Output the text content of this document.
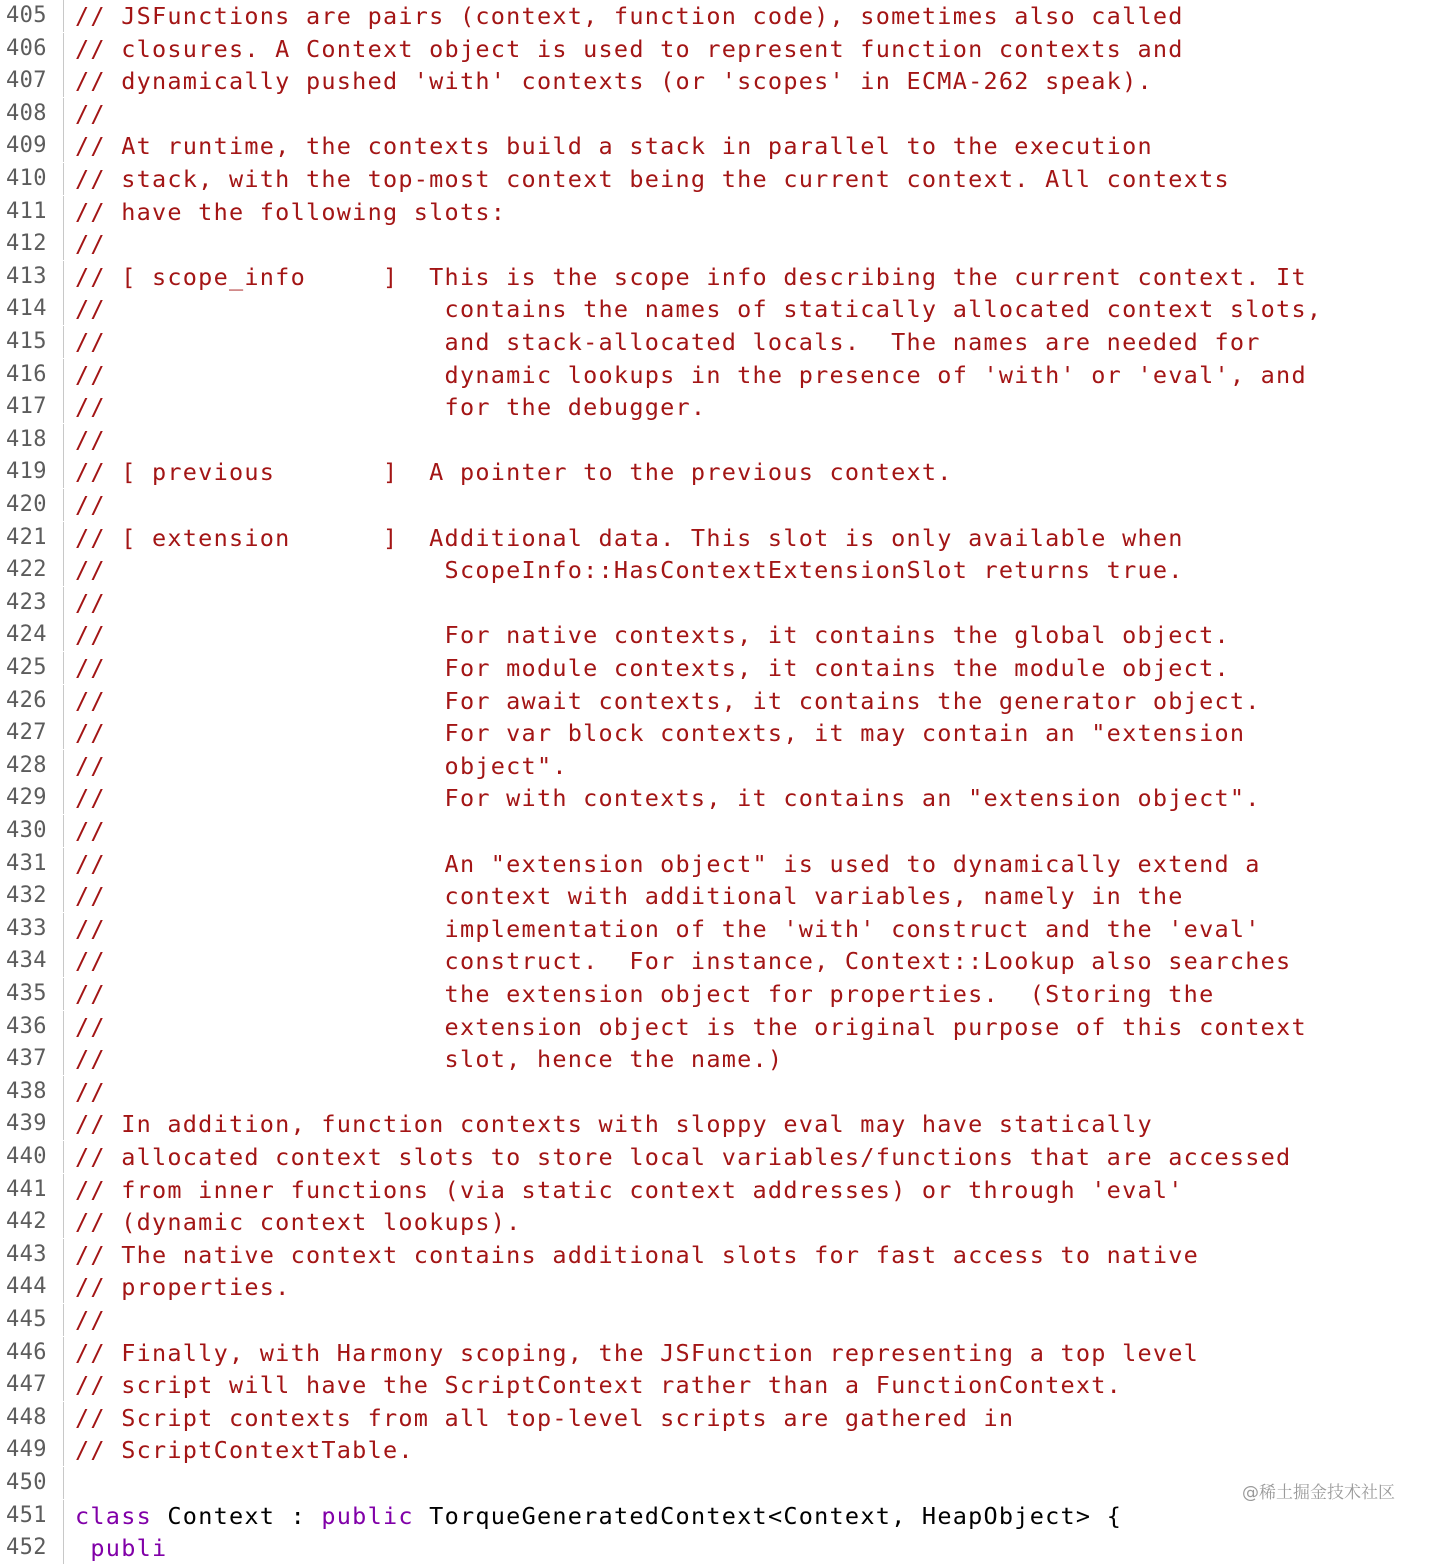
405	// JSFunctions are pairs (context, function code), sometimes also called
406	// closures. A Context object is used to represent function contexts and
407	// dynamically pushed 'with' contexts (or 'scopes' in ECMA-262 speak).
408	//
409	// At runtime, the contexts build a stack in parallel to the execution
410	// stack, with the top-most context being the current context. All contexts
411	// have the following slots:
412	//
413	// [ scope_info     ]  This is the scope info describing the current context. It
414	//                      contains the names of statically allocated context slots,
415	//                      and stack-allocated locals.  The names are needed for
416	//                      dynamic lookups in the presence of 'with' or 'eval', and
417	//                      for the debugger.
418	//
419	// [ previous       ]  A pointer to the previous context.
420	//
421	// [ extension      ]  Additional data. This slot is only available when
422	//                      ScopeInfo::HasContextExtensionSlot returns true.
423	//
424	//                      For native contexts, it contains the global object.
425	//                      For module contexts, it contains the module object.
426	//                      For await contexts, it contains the generator object.
427	//                      For var block contexts, it may contain an "extension
428	//                      object".
429	//                      For with contexts, it contains an "extension object".
430	//
431	//                      An "extension object" is used to dynamically extend a
432	//                      context with additional variables, namely in the
433	//                      implementation of the 'with' construct and the 'eval'
434	//                      construct.  For instance, Context::Lookup also searches
435	//                      the extension object for properties.  (Storing the
436	//                      extension object is the original purpose of this context
437	//                      slot, hence the name.)
438	//
439	// In addition, function contexts with sloppy eval may have statically
440	// allocated context slots to store local variables/functions that are accessed
441	// from inner functions (via static context addresses) or through 'eval'
442	// (dynamic context lookups).
443	// The native context contains additional slots for fast access to native
444	// properties.
445	//
446	// Finally, with Harmony scoping, the JSFunction representing a top level
447	// script will have the ScriptContext rather than a FunctionContext.
448	// Script contexts from all top-level scripts are gathered in
449	// ScriptContextTable.
450
451	class Context : public TorqueGeneratedContext<Context, HeapObject> {
452	publi
@稀土掘金技术社区
